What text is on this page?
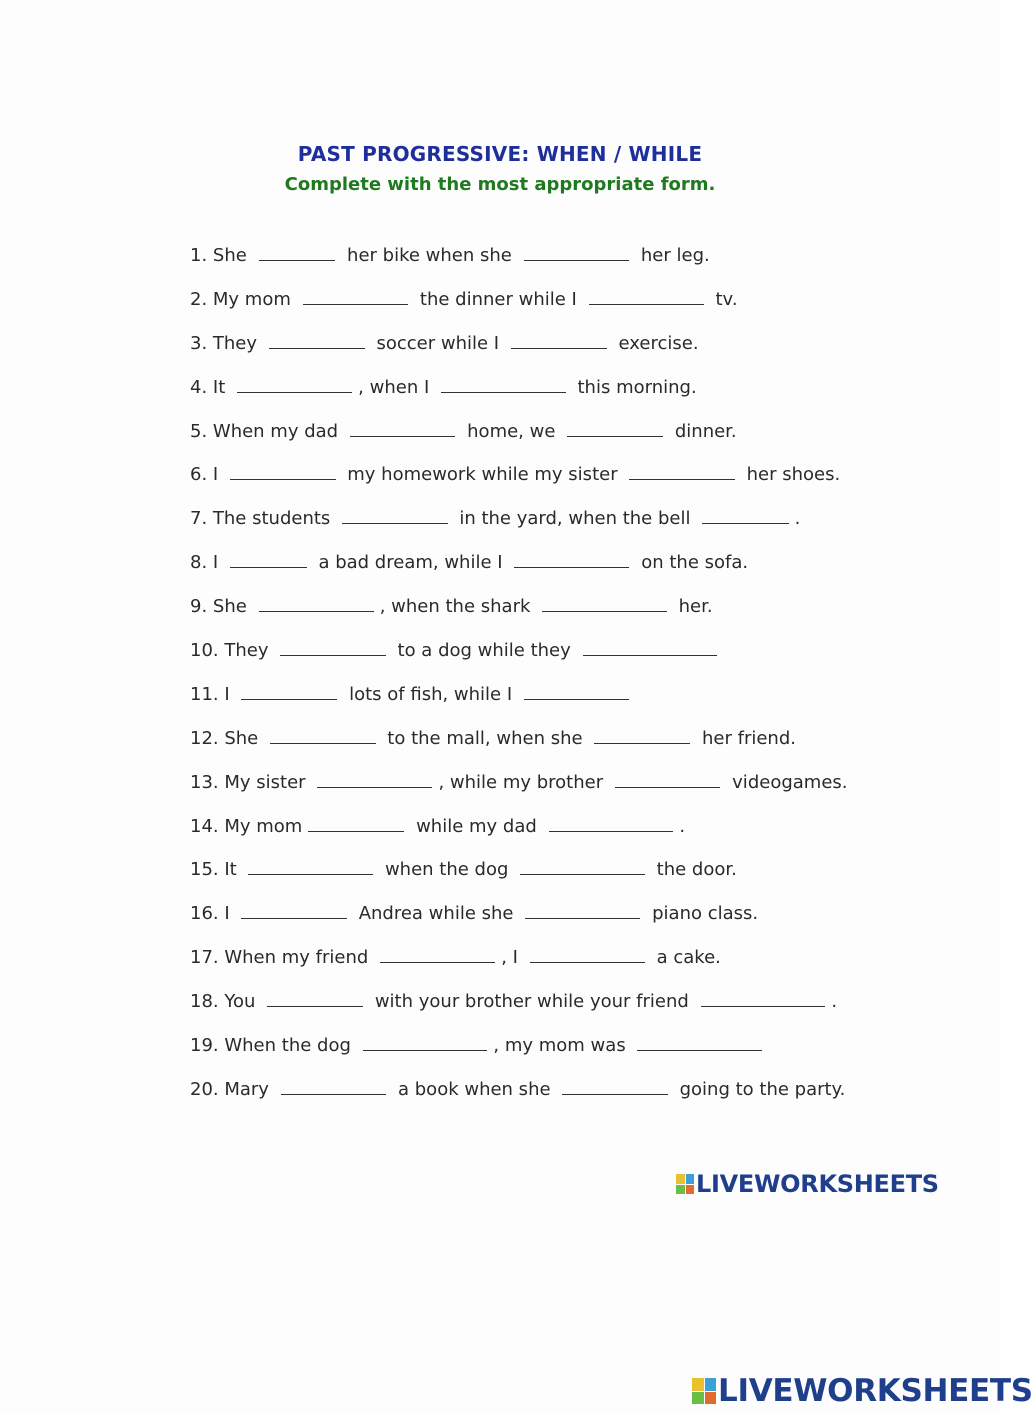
PAST PROGRESSIVE: WHEN / WHILE
Complete with the most appropriate form.
1. She	her bike when she	her leg.
2. My mom	the dinner while I	tv.
3. They	soccer while I	exercise.
4. It	, when I	this morning.
5. When my dad	home, we	dinner.
6. I	my homework while my sister	her shoes.
7. The students	in the yard, when the bell	.
8. I	a bad dream, while I	on the sofa.
9. She	, when the shark	her.
10. They	to a dog while they
11. I	lots of fish, while I
12. She	to the mall, when she	her friend.
13. My sister	, while my brother	videogames.
14. My mom	while my dad	.
15. It	when the dog	the door.
16. I	Andrea while she	piano class.
17. When my friend	, I	a cake.
18. You	with your brother while your friend	.
19. When the dog	, my mom was
20. Mary	a book when she	going to the party.
LIVEWORKSHEETS
LIVEWORKSHEETS
